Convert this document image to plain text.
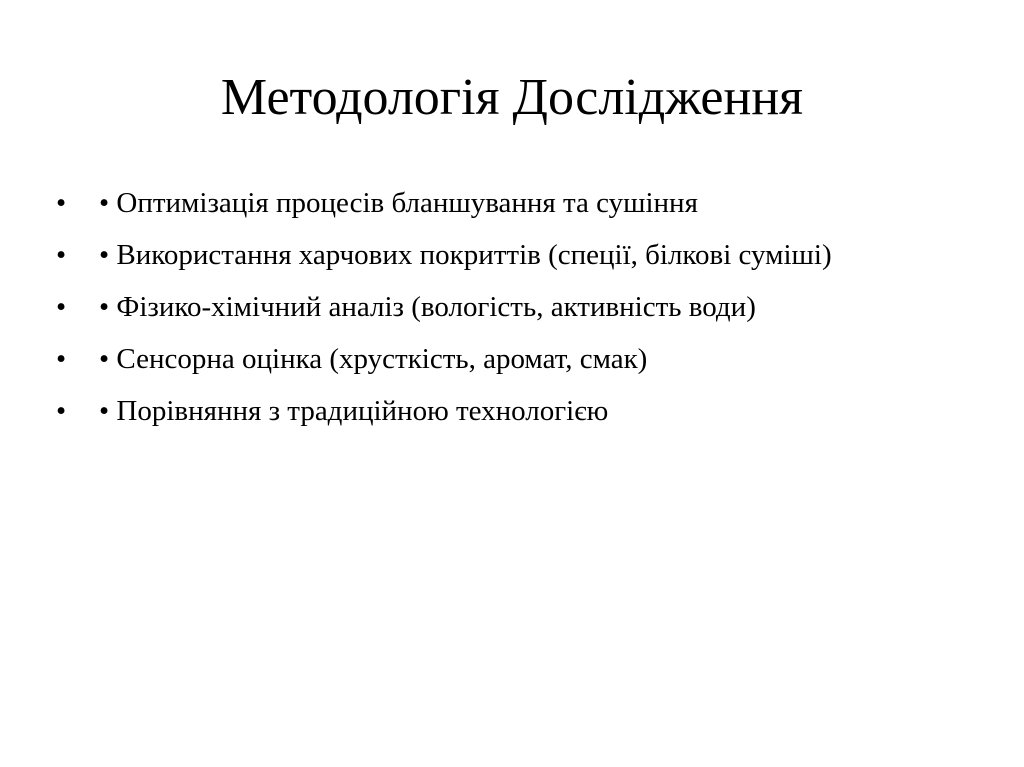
Методологія Дослідження
•	• Оптимізація процесів бланшування та сушіння
•	• Використання харчових покриттів (спеції, білкові суміші)
•	• Фізико-хімічний аналіз (вологість, активність води)
•	• Сенсорна оцінка (хрусткість, аромат, смак)
•	• Порівняння з традиційною технологією
